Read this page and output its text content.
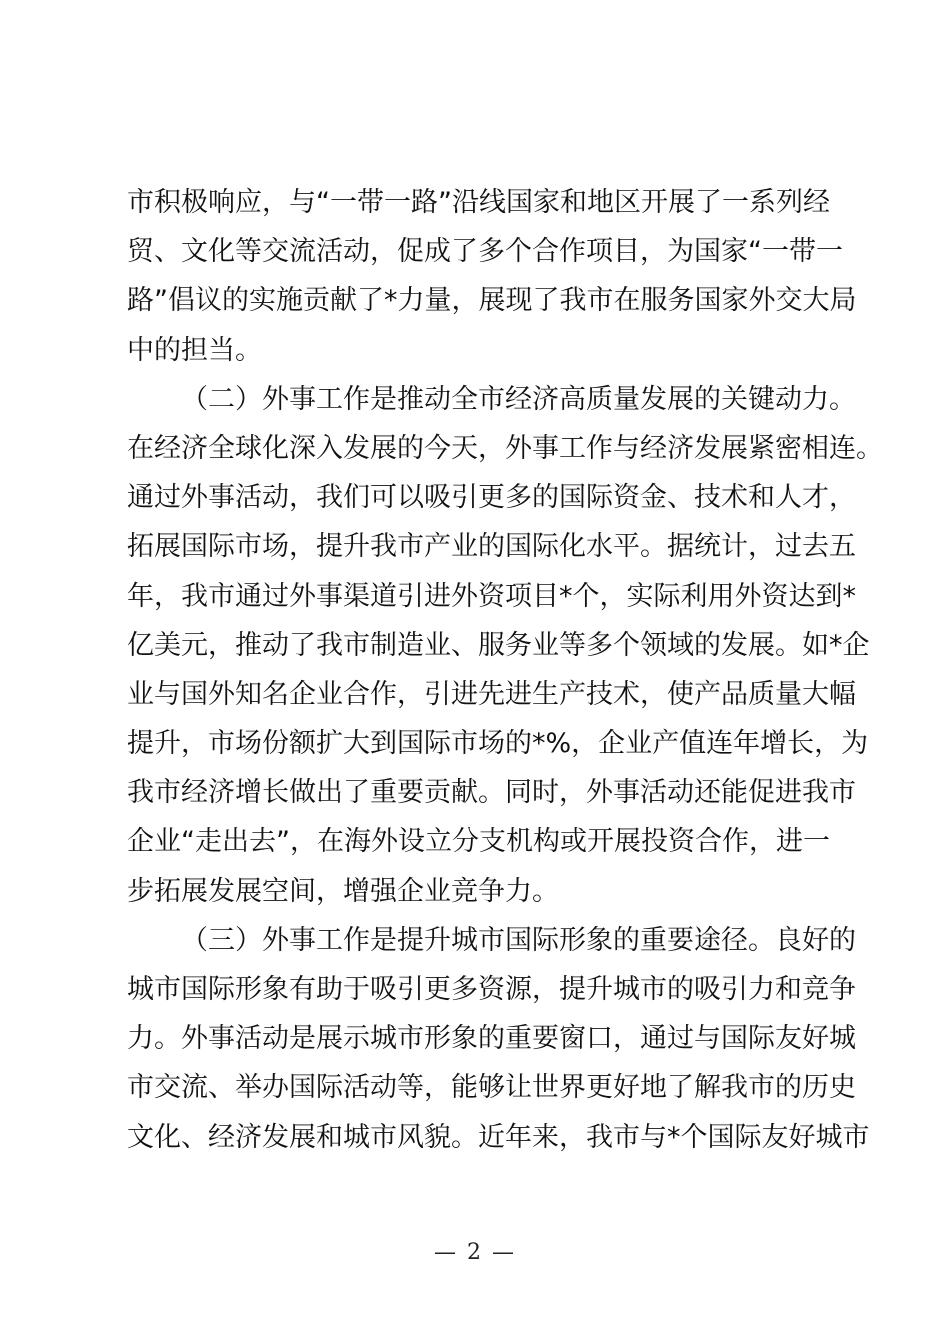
市积极响应，与“一带一路”沿线国家和地区开展了一系列经
贸、文化等交流活动，促成了多个合作项目，为国家“一带一
路”倡议的实施贡献了*力量，展现了我市在服务国家外交大局
中的担当。
（二）外事工作是推动全市经济高质量发展的关键动力。
在经济全球化深入发展的今天，外事工作与经济发展紧密相连。
通过外事活动，我们可以吸引更多的国际资金、技术和人才，
拓展国际市场，提升我市产业的国际化水平。据统计，过去五
年，我市通过外事渠道引进外资项目*个，实际利用外资达到*
亿美元，推动了我市制造业、服务业等多个领域的发展。如*企
业与国外知名企业合作，引进先进生产技术，使产品质量大幅
提升，市场份额扩大到国际市场的*%，企业产值连年增长，为
我市经济增长做出了重要贡献。同时，外事活动还能促进我市
企业“走出去”，在海外设立分支机构或开展投资合作，进一
步拓展发展空间，增强企业竞争力。
（三）外事工作是提升城市国际形象的重要途径。良好的
城市国际形象有助于吸引更多资源，提升城市的吸引力和竞争
力。外事活动是展示城市形象的重要窗口，通过与国际友好城
市交流、举办国际活动等，能够让世界更好地了解我市的历史
文化、经济发展和城市风貌。近年来，我市与*个国际友好城市
— 2 —
